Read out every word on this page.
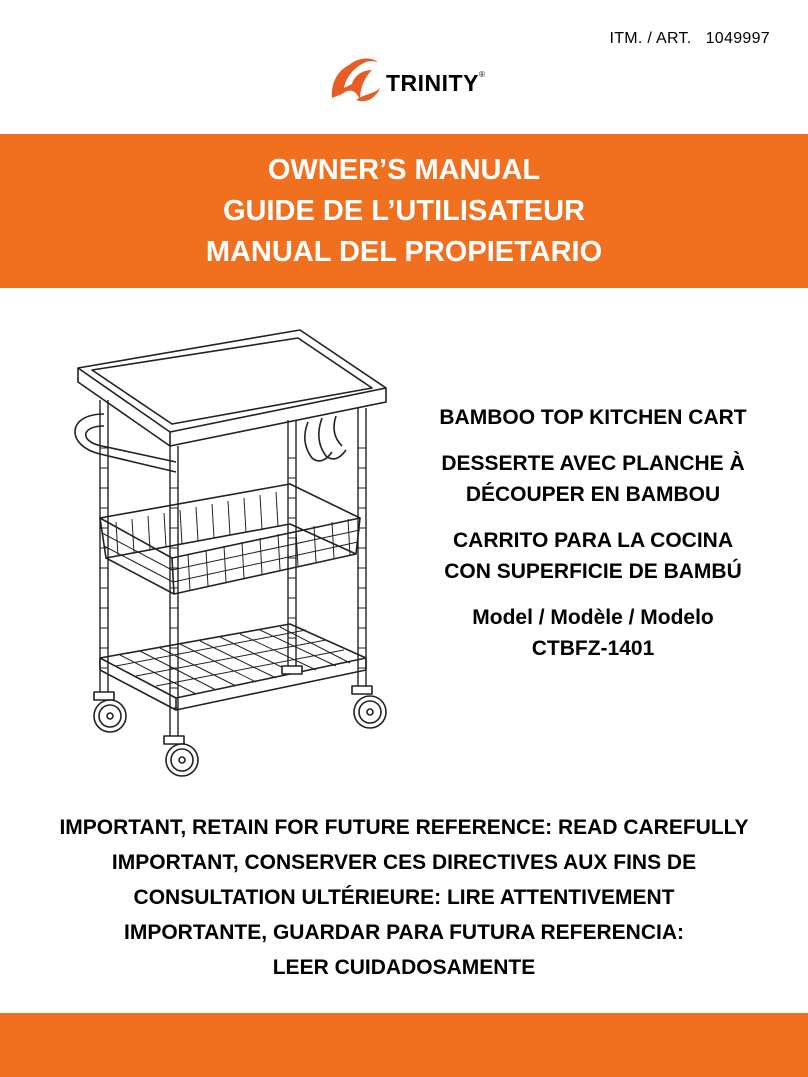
ITM. / ART. 1049997
TRINITY®
OWNER’S MANUAL
GUIDE DE L’UTILISATEUR
MANUAL DEL PROPIETARIO
BAMBOO TOP KITCHEN CART
DESSERTE AVEC PLANCHE À
DÉCOUPER EN BAMBOU
CARRITO PARA LA COCINA
CON SUPERFICIE DE BAMBÚ
Model / Modèle / Modelo
CTBFZ-1401
IMPORTANT, RETAIN FOR FUTURE REFERENCE: READ CAREFULLY
IMPORTANT, CONSERVER CES DIRECTIVES AUX FINS DE
CONSULTATION ULTÉRIEURE: LIRE ATTENTIVEMENT
IMPORTANTE, GUARDAR PARA FUTURA REFERENCIA:
LEER CUIDADOSAMENTE
